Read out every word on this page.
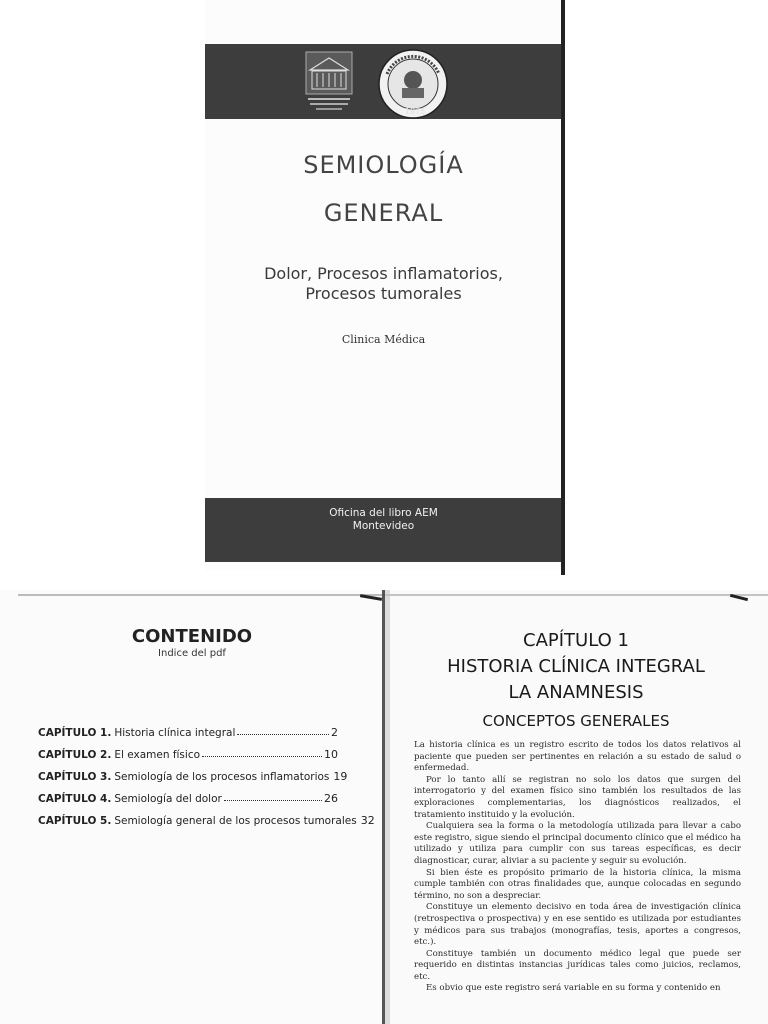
1875
SEMIOLOGÍA
GENERAL
Dolor, Procesos inflamatorios,
Procesos tumorales
Clinica Médica
Oficina del libro AEM
Montevideo
CONTENIDO
Indice del pdf
CAPÍTULO 1. Historia clínica integral	2
CAPÍTULO 2. El examen físico	10
CAPÍTULO 3. Semiología de los procesos inflamatorios 19
CAPÍTULO 4. Semiología del dolor	26
CAPÍTULO 5. Semiología general de los procesos tumorales 32
CAPÍTULO 1
HISTORIA CLÍNICA INTEGRAL
LA ANAMNESIS
CONCEPTOS GENERALES

La historia clínica es un registro escrito de todos los datos relativos al paciente que pueden ser pertinentes en relación a su estado de salud o enfermedad.

Por lo tanto allí se registran no solo los datos que surgen del interrogatorio y del examen físico sino también los resultados de las exploraciones complementarias, los diagnósticos realizados, el tratamiento instituido y la evolución.

Cualquiera sea la forma o la metodología utilizada para llevar a cabo este registro, sigue siendo el principal documento clínico que el médico ha utilizado y utiliza para cumplir con sus tareas específicas, es decir diagnosticar, curar, aliviar a su paciente y seguir su evolución.

Si bien éste es propósito primario de la historia clínica, la misma cumple también con otras finalidades que, aunque colocadas en segundo término, no son a despreciar.

Constituye un elemento decisivo en toda área de investigación clínica (retrospectiva o prospectiva) y en ese sentido es utilizada por estudiantes y médicos para sus trabajos (monografías, tesis, aportes a congresos, etc.).

Constituye también un documento médico legal que puede ser requerido en distintas instancias jurídicas tales como juicios, reclamos, etc.

Es obvio que este registro será variable en su forma y contenido en
